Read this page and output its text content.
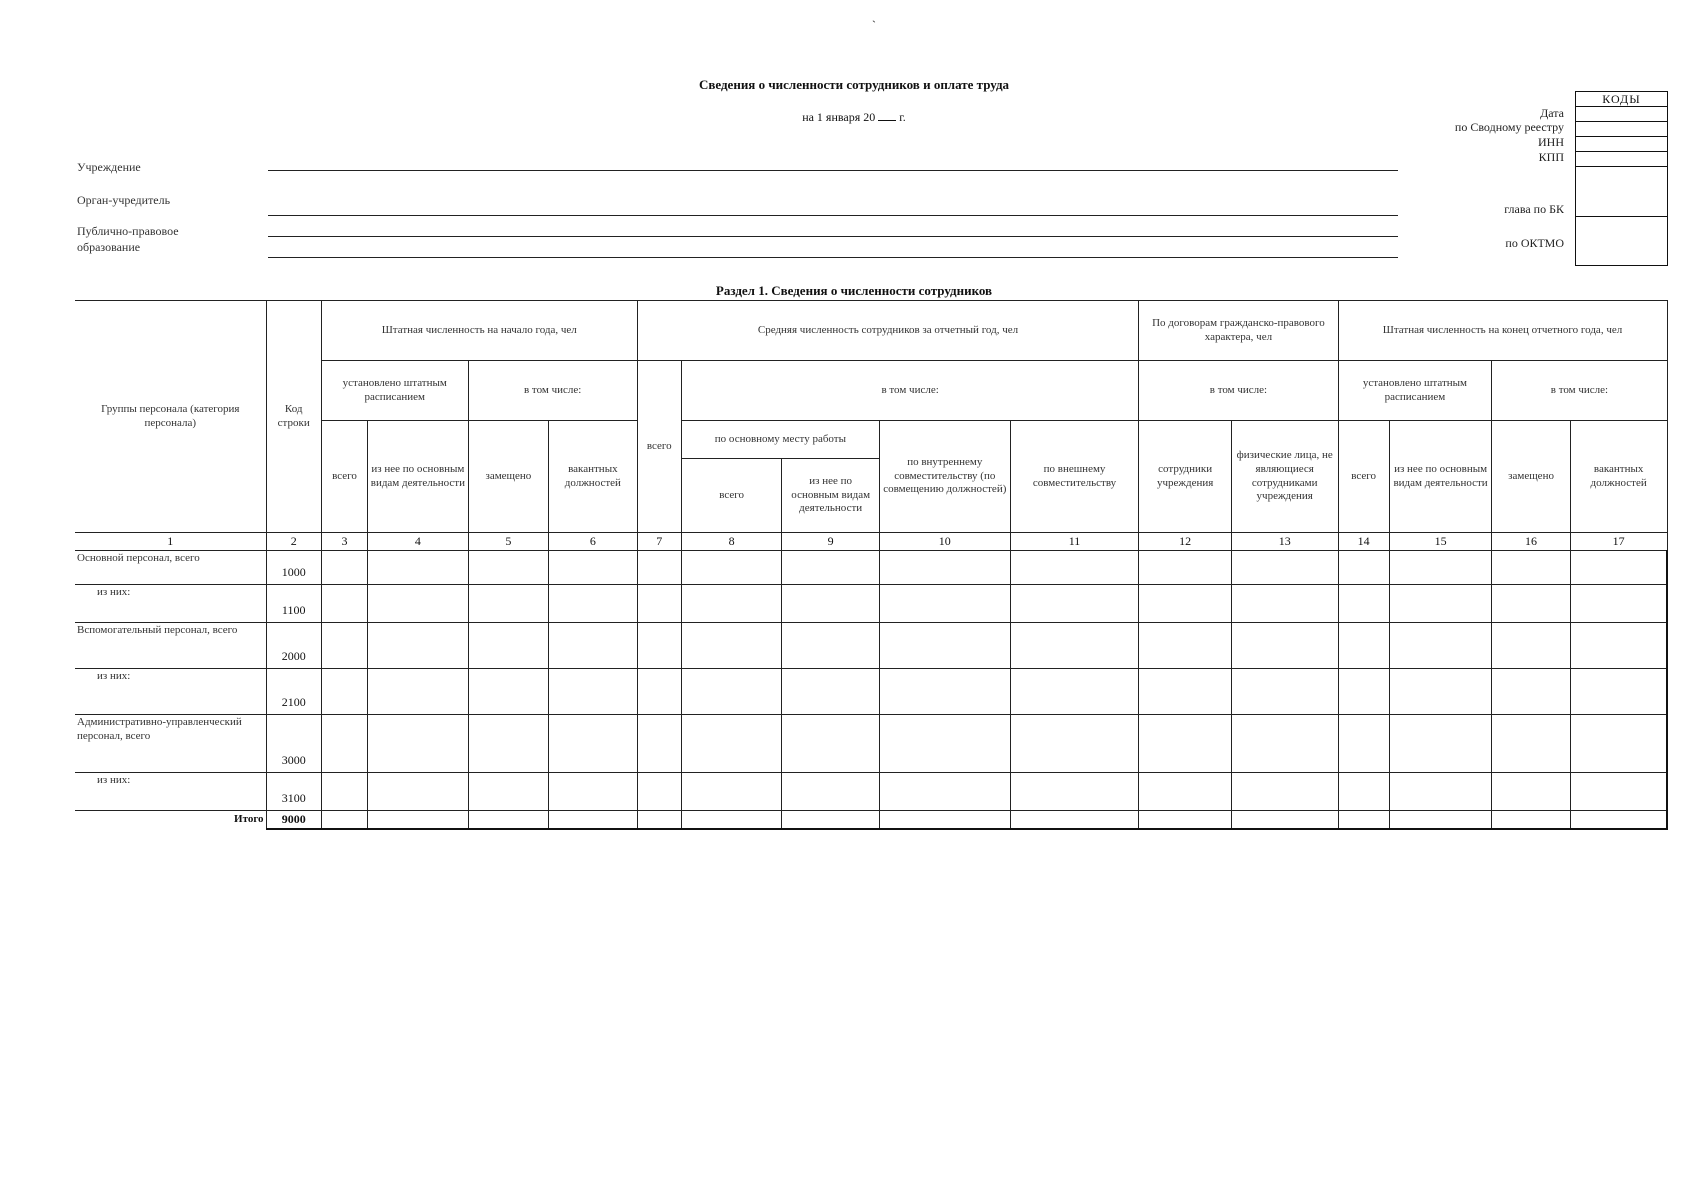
`
Сведения о численности сотрудников и оплате труда
на 1 января 20 г.
Учреждение
Орган-учредитель
Публично-правовое
образование
Дата
по Сводному реестру
ИНН
КПП
глава по БК
по ОКТМО
КОДЫ
Раздел 1. Сведения о численности сотрудников
Группы персонала (категория персонала)	Код строки	Штатная численность на начало года, чел				Средняя численность сотрудников за отчетный год, чел					По договорам гражданско-правового характера, чел		Штатная численность на конец отчетного года, чел			
		установлено штатным расписанием		в том числе:		всего	в том числе:				в том числе:		установлено штатным расписанием		в том числе:	
		всего	из нее по основным видам деятельности	замещено	вакантных должностей		по основному месту работы		по внутреннему совместительству (по совмещению должностей)	по внешнему совместительству	сотрудники учреждения	физические лица, не являющиеся сотрудниками учреждения	всего	из нее по основным видам деятельности	замещено	вакантных должностей
							всего	из нее по основным видам деятельности								
1	2	3	4	5	6	7	8	9	10	11	12	13	14	15	16	17
Основной персонал, всего	1000															
из них:	1100															
Вспомогательный персонал, всего	2000															
из них:	2100															
Административно-управленческий персонал, всего	3000															
из них:	3100															
Итого	9000															
